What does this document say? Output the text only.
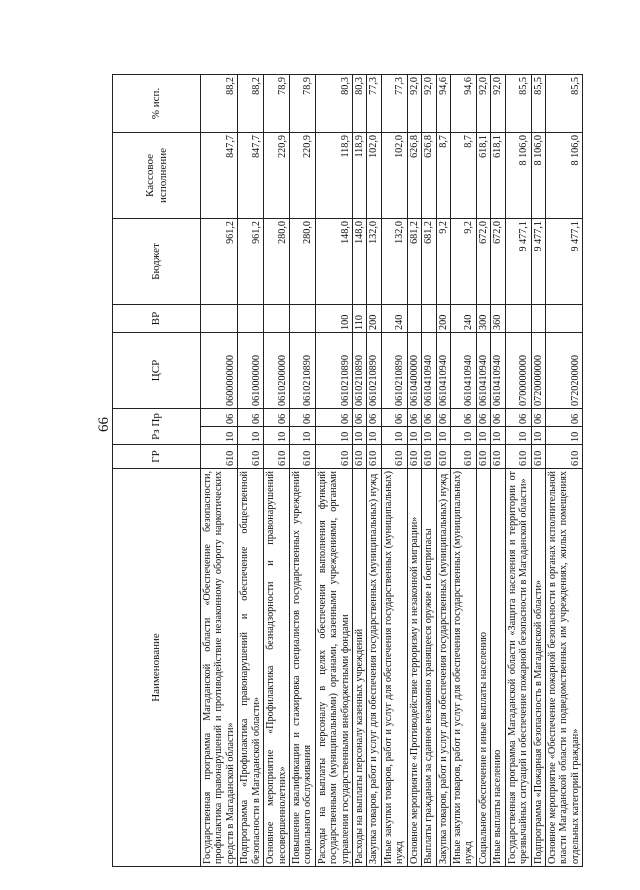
66
Наименование	ГР	Рз Пр		ЦСР	ВР	Бюджет	Кассовое исполнение	% исп.
Государственная программа Магаданской области «Обеспечение безопасности, профилактика правонарушений и противодействие незаконному обороту наркотических средств в Магаданской области»	610	10	06	0600000000		961,2	847,7	88,2
Подпрограмма «Профилактика правонарушений и обеспечение общественной безопасности в Магаданской области»	610	10	06	0610000000		961,2	847,7	88,2
Основное мероприятие «Профилактика безнадзорности и правонарушений несовершеннолетних»	610	10	06	0610200000		280,0	220,9	78,9
Повышение квалификации и стажировка специалистов государственных учреждений социального обслуживания	610	10	06	0610210890		280,0	220,9	78,9
Расходы на выплаты персоналу в целях обеспечения выполнения функций государственными (муниципальными) органами, казенными учреждениями, органами управления государственными внебюджетными фондами	610	10	06	0610210890	100	148,0	118,9	80,3
Расходы на выплаты персоналу казенных учреждений	610	10	06	0610210890	110	148,0	118,9	80,3
Закупка товаров, работ и услуг для обеспечения государственных (муниципальных) нужд	610	10	06	0610210890	200	132,0	102,0	77,3
Иные закупки товаров, работ и услуг для обеспечения государственных (муниципальных) нужд	610	10	06	0610210890	240	132,0	102,0	77,3
Основное мероприятие «Противодействие терроризму и незаконной миграции»	610	10	06	0610400000		681,2	626,8	92,0
Выплаты гражданам за сданное незаконно хранящееся оружие и боеприпасы	610	10	06	0610410940		681,2	626,8	92,0
Закупка товаров, работ и услуг для обеспечения государственных (муниципальных) нужд	610	10	06	0610410940	200	9,2	8,7	94,6
Иные закупки товаров, работ и услуг для обеспечения государственных (муниципальных) нужд	610	10	06	0610410940	240	9,2	8,7	94,6
Социальное обеспечение и иные выплаты населению	610	10	06	0610410940	300	672,0	618,1	92,0
Иные выплаты населению	610	10	06	0610410940	360	672,0	618,1	92,0
Государственная программа Магаданской области «Защита населения и территории от чрезвычайных ситуаций и обеспечение пожарной безопасности в Магаданской области»	610	10	06	0700000000		9 477,1	8 106,0	85,5
Подпрограмма «Пожарная безопасность в Магаданской области»	610	10	06	0720000000		9 477,1	8 106,0	85,5
Основное мероприятие «Обеспечение пожарной безопасности в органах исполнительной власти Магаданской области и подведомственных им учреждениях, жилых помещениях отдельных категорий граждан»	610	10	06	0720200000		9 477,1	8 106,0	85,5
